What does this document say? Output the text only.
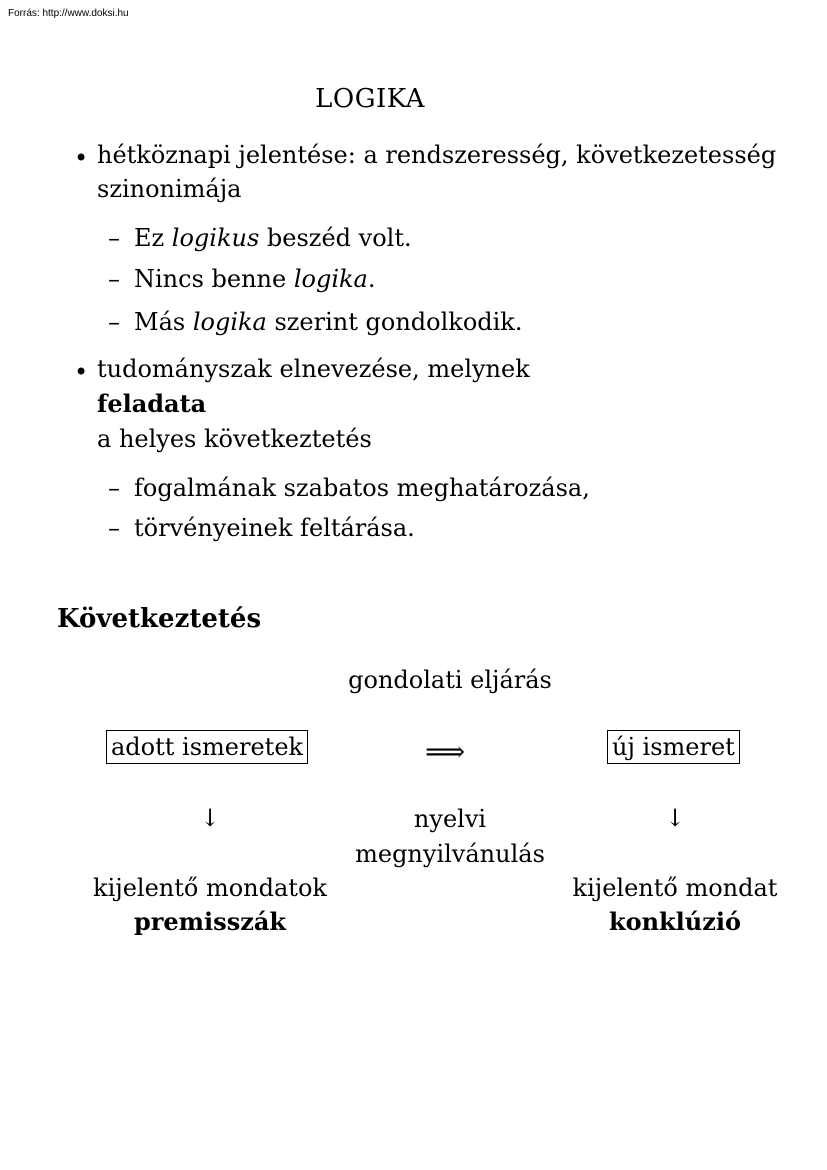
Forrás: http://www.doksi.hu
LOGIKA
• hétköznapi jelentése: a rendszeresség, következetesség
szinonimája
– Ez logikus beszéd volt.
– Nincs benne logika.
– Más logika szerint gondolkodik.
• tudományszak elnevezése, melynek
feladata
a helyes következtetés
– fogalmának szabatos meghatározása,
– törvényeinek feltárása.
Következtetés
gondolati eljárás
adott ismeretek	⟹	új ismeret
↓	↓
nyelvi
megnyilvánulás
kijelentő mondatok
premisszák
kijelentő mondat
konklúzió
